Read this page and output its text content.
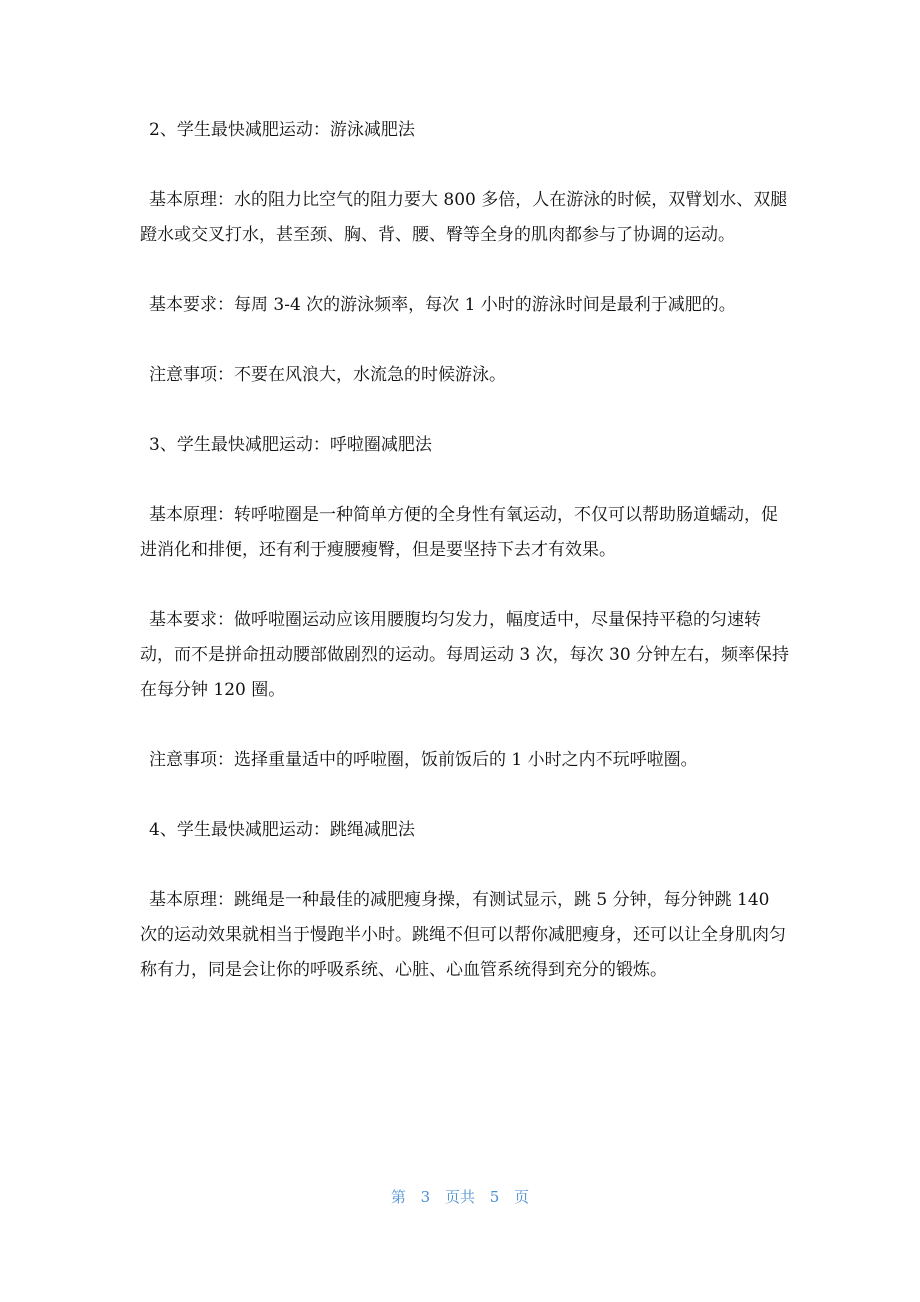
2、学生最快减肥运动：游泳减肥法

基本原理：水的阻力比空气的阻力要大 800 多倍，人在游泳的时候，双臂划水、双腿蹬水或交叉打水，甚至颈、胸、背、腰、臀等全身的肌肉都参与了协调的运动。

基本要求：每周 3-4 次的游泳频率，每次 1 小时的游泳时间是最利于减肥的。

注意事项：不要在风浪大，水流急的时候游泳。

3、学生最快减肥运动：呼啦圈减肥法

基本原理：转呼啦圈是一种简单方便的全身性有氧运动，不仅可以帮助肠道蠕动，促进消化和排便，还有利于瘦腰瘦臀，但是要坚持下去才有效果。

基本要求：做呼啦圈运动应该用腰腹均匀发力，幅度适中，尽量保持平稳的匀速转动，而不是拼命扭动腰部做剧烈的运动。每周运动 3 次，每次 30 分钟左右，频率保持在每分钟 120 圈。

注意事项：选择重量适中的呼啦圈，饭前饭后的 1 小时之内不玩呼啦圈。

4、学生最快减肥运动：跳绳减肥法

基本原理：跳绳是一种最佳的减肥瘦身操，有测试显示，跳 5 分钟，每分钟跳 140 次的运动效果就相当于慢跑半小时。跳绳不但可以帮你减肥瘦身，还可以让全身肌肉匀称有力，同是会让你的呼吸系统、心脏、心血管系统得到充分的锻炼。

第 3 页共 5 页
